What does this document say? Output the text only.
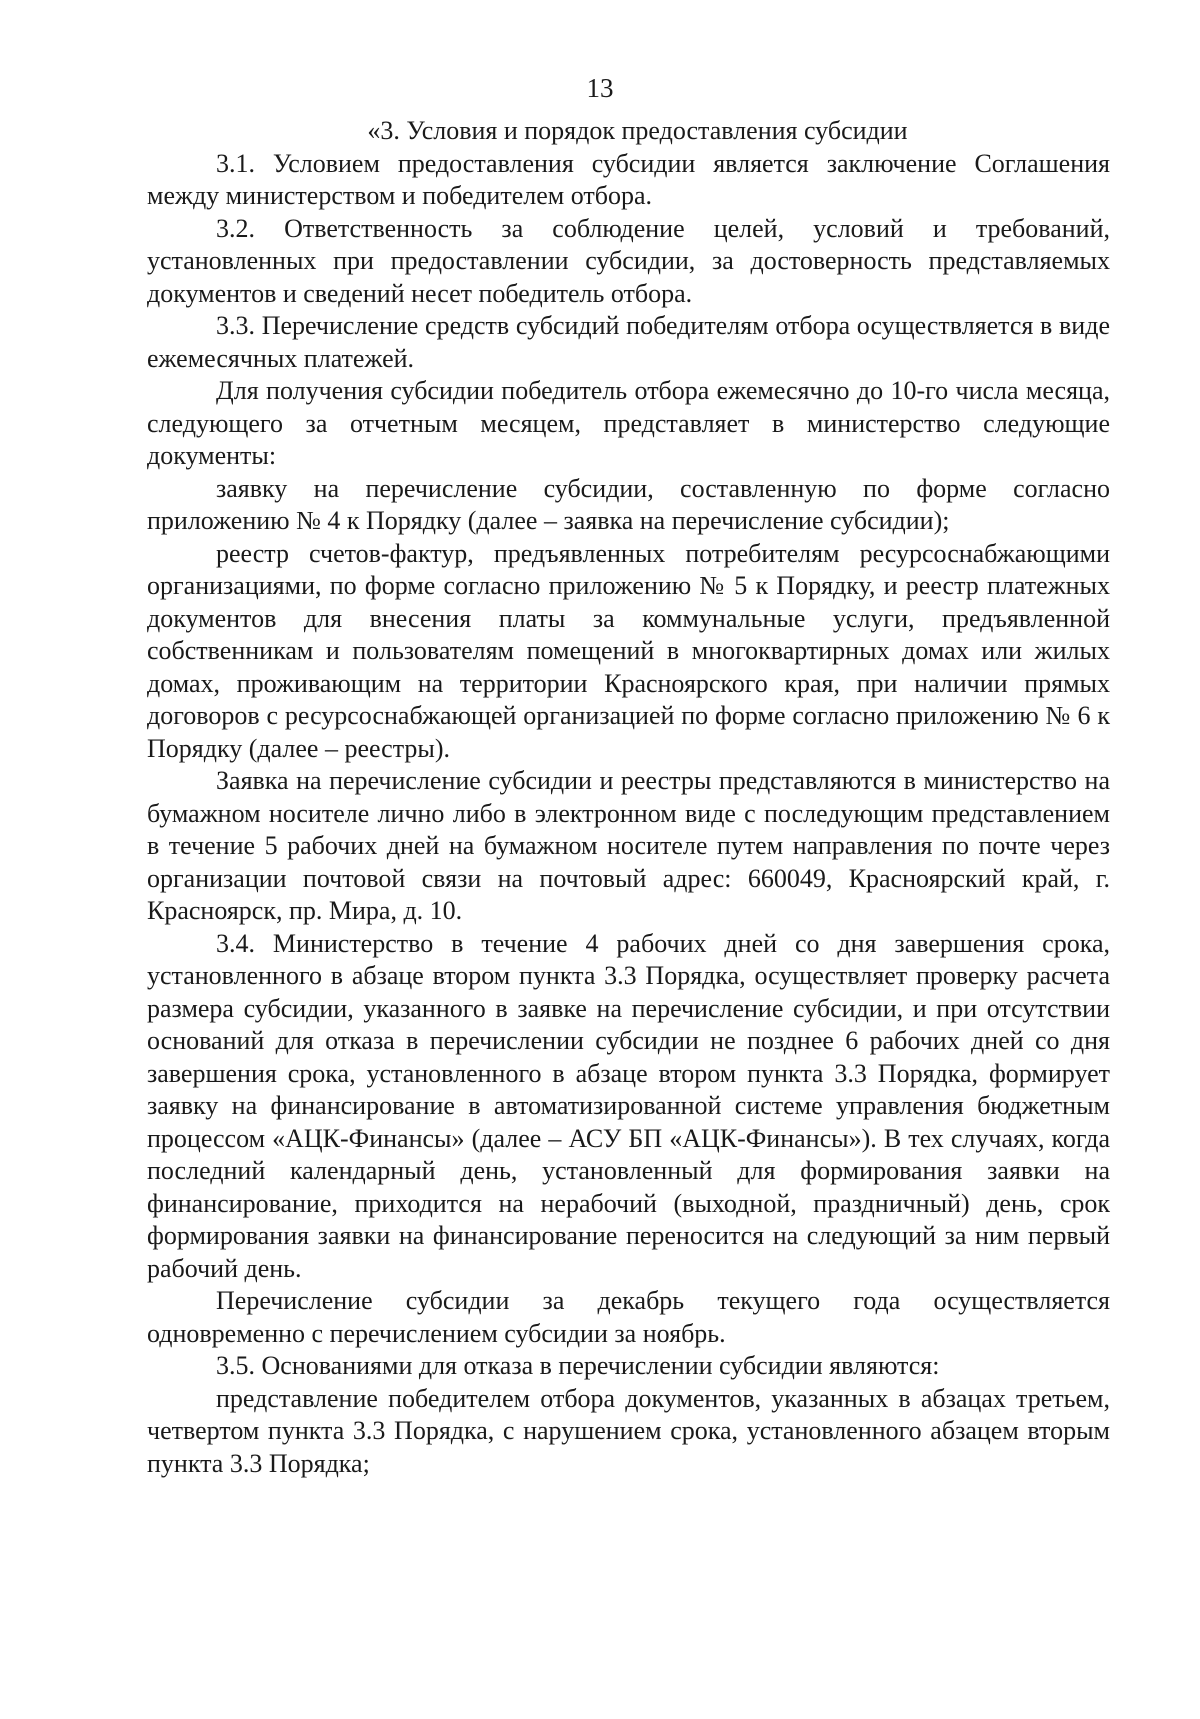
13
«3. Условия и порядок предоставления субсидии

3.1. Условием предоставления субсидии является заключение Соглашения между министерством и победителем отбора.

3.2. Ответственность за соблюдение целей, условий и требований, установленных при предоставлении субсидии, за достоверность представляемых документов и сведений несет победитель отбора.

3.3. Перечисление средств субсидий победителям отбора осуществляется в виде ежемесячных платежей.

Для получения субсидии победитель отбора ежемесячно до 10-го числа месяца, следующего за отчетным месяцем, представляет в министерство следующие документы:

заявку на перечисление субсидии, составленную по форме согласно приложению № 4 к Порядку (далее – заявка на перечисление субсидии);

реестр счетов-фактур, предъявленных потребителям ресурсоснабжающими организациями, по форме согласно приложению № 5 к Порядку, и реестр платежных документов для внесения платы за коммунальные услуги, предъявленной собственникам и пользователям помещений в многоквартирных домах или жилых домах, проживающим на территории Красноярского края, при наличии прямых договоров с ресурсоснабжающей организацией по форме согласно приложению № 6 к Порядку (далее – реестры).

Заявка на перечисление субсидии и реестры представляются в министерство на бумажном носителе лично либо в электронном виде с последующим представлением в течение 5 рабочих дней на бумажном носителе путем направления по почте через организации почтовой связи на почтовый адрес: 660049, Красноярский край, г. Красноярск, пр. Мира, д. 10.

3.4. Министерство в течение 4 рабочих дней со дня завершения срока, установленного в абзаце втором пункта 3.3 Порядка, осуществляет проверку расчета размера субсидии, указанного в заявке на перечисление субсидии, и при отсутствии оснований для отказа в перечислении субсидии не позднее 6 рабочих дней со дня завершения срока, установленного в абзаце втором пункта 3.3 Порядка, формирует заявку на финансирование в автоматизированной системе управления бюджетным процессом «АЦК-Финансы» (далее – АСУ БП «АЦК-Финансы»). В тех случаях, когда последний календарный день, установленный для формирования заявки на финансирование, приходится на нерабочий (выходной, праздничный) день, срок формирования заявки на финансирование переносится на следующий за ним первый рабочий день.

Перечисление субсидии за декабрь текущего года осуществляется одновременно с перечислением субсидии за ноябрь.

3.5. Основаниями для отказа в перечислении субсидии являются:

представление победителем отбора документов, указанных в абзацах третьем, четвертом пункта 3.3 Порядка, с нарушением срока, установленного абзацем вторым пункта 3.3 Порядка;
